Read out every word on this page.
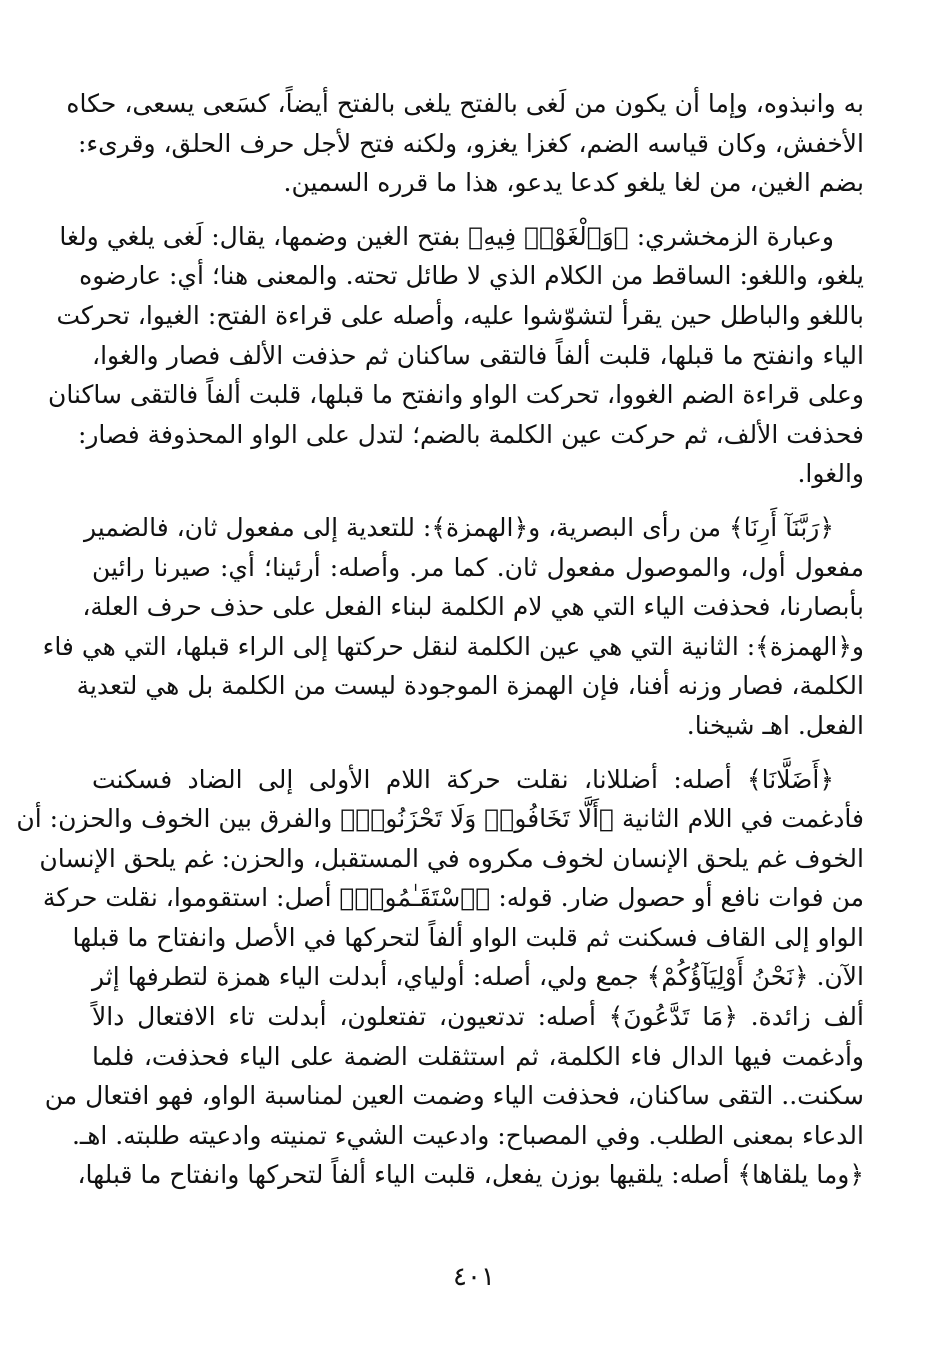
به وانبذوه، وإما أن يكون من لَغى بالفتح يلغى بالفتح أيضاً، كسَعى يسعى، حكاه
الأخفش، وكان قياسه الضم، كغزا يغزو، ولكنه فتح لأجل حرف الحلق، وقرىء:
بضم الغين، من لغا يلغو كدعا يدعو، هذا ما قرره السمين.

وعبارة الزمخشري: ﴿وَٱلْغَوْا۟ فِيهِ﴾ بفتح الغين وضمها، يقال: لَغى يلغي ولغا
يلغو، واللغو: الساقط من الكلام الذي لا طائل تحته. والمعنى هنا؛ أي: عارضوه
باللغو والباطل حين يقرأ لتشوّشوا عليه، وأصله على قراءة الفتح: الغيوا، تحركت
الياء وانفتح ما قبلها، قلبت ألفاً فالتقى ساكنان ثم حذفت الألف فصار والغوا،
وعلى قراءة الضم الغووا، تحركت الواو وانفتح ما قبلها، قلبت ألفاً فالتقى ساكنان
فحذفت الألف، ثم حركت عين الكلمة بالضم؛ لتدل على الواو المحذوفة فصار:
والغوا.

﴿رَبَّنَآ أَرِنَا﴾ من رأى البصرية، و﴿الهمزة﴾: للتعدية إلى مفعول ثان، فالضمير
مفعول أول، والموصول مفعول ثان. كما مر. وأصله: أرئينا؛ أي: صيرنا رائين
بأبصارنا، فحذفت الياء التي هي لام الكلمة لبناء الفعل على حذف حرف العلة،
و﴿الهمزة﴾: الثانية التي هي عين الكلمة لنقل حركتها إلى الراء قبلها، التي هي فاء
الكلمة، فصار وزنه أفنا، فإن الهمزة الموجودة ليست من الكلمة بل هي لتعدية
الفعل. اهـ شيخنا.

﴿أَضَلَّانَا﴾ أصله: أضللانا، نقلت حركة اللام الأولى إلى الضاد فسكنت
فأدغمت في اللام الثانية ﴿أَلَّا تَخَافُوا۟ وَلَا تَحْزَنُوا۟﴾ والفرق بين الخوف والحزن: أن
الخوف غم يلحق الإنسان لخوف مكروه في المستقبل، والحزن: غم يلحق الإنسان
من فوات نافع أو حصول ضار. قوله: ﴿ٱسْتَقَـٰمُوا۟﴾ أصل: استقوموا، نقلت حركة
الواو إلى القاف فسكنت ثم قلبت الواو ألفاً لتحركها في الأصل وانفتاح ما قبلها
الآن. ﴿نَحْنُ أَوْلِيَآؤُكُمْ﴾ جمع ولي، أصله: أولياي، أبدلت الياء همزة لتطرفها إثر
ألف زائدة. ﴿مَا تَدَّعُونَ﴾ أصله: تدتعيون، تفتعلون، أبدلت تاء الافتعال دالاً
وأدغمت فيها الدال فاء الكلمة، ثم استثقلت الضمة على الياء فحذفت، فلما
سكنت.. التقى ساكنان، فحذفت الياء وضمت العين لمناسبة الواو، فهو افتعال من
الدعاء بمعنى الطلب. وفي المصباح: وادعيت الشيء تمنيته وادعيته طلبته. اهـ.
﴿وما يلقاها﴾ أصله: يلقيها بوزن يفعل، قلبت الياء ألفاً لتحركها وانفتاح ما قبلها،

٤٠١
